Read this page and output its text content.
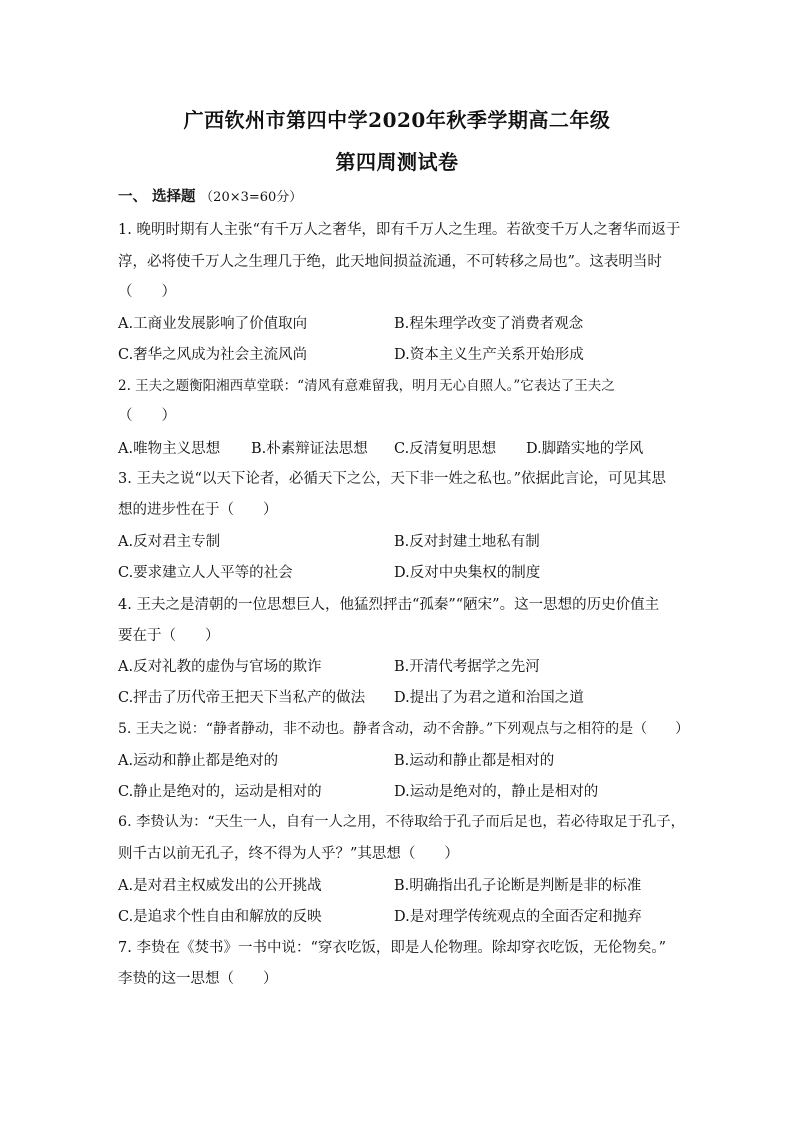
广西钦州市第四中学2020年秋季学期高二年级
第四周测试卷
一、 选择题 （20×3=60分）
1. 晚明时期有人主张“有千万人之奢华，即有千万人之生理。若欲变千万人之奢华而返于
淳，必将使千万人之生理几于绝，此天地间损益流通，不可转移之局也”。这表明当时
（　　）
A.工商业发展影响了价值取向	B.程朱理学改变了消费者观念
C.奢华之风成为社会主流风尚	D.资本主义生产关系开始形成
2. 王夫之题衡阳湘西草堂联：“清风有意难留我，明月无心自照人。”它表达了王夫之
（　　）
A.唯物主义思想 B.朴素辩证法思想 C.反清复明思想 D.脚踏实地的学风
3. 王夫之说“以天下论者，必循天下之公，天下非一姓之私也。”依据此言论，可见其思
想的进步性在于（　　）
A.反对君主专制	B.反对封建土地私有制
C.要求建立人人平等的社会	D.反对中央集权的制度
4. 王夫之是清朝的一位思想巨人，他猛烈抨击“孤秦”“陋宋”。这一思想的历史价值主
要在于（　　）
A.反对礼教的虚伪与官场的欺诈	B.开清代考据学之先河
C.抨击了历代帝王把天下当私产的做法 D.提出了为君之道和治国之道
5. 王夫之说：“静者静动，非不动也。静者含动，动不舍静。”下列观点与之相符的是（　　）
A.运动和静止都是绝对的	B.运动和静止都是相对的
C.静止是绝对的，运动是相对的	D.运动是绝对的，静止是相对的
6. 李贽认为：“天生一人，自有一人之用，不待取给于孔子而后足也，若必待取足于孔子，
则千古以前无孔子，终不得为人乎？”其思想（　　）
A.是对君主权威发出的公开挑战	B.明确指出孔子论断是判断是非的标准
C.是追求个性自由和解放的反映	D.是对理学传统观点的全面否定和抛弃
7. 李贽在《焚书》一书中说：“穿衣吃饭，即是人伦物理。除却穿衣吃饭，无伦物矣。”
李贽的这一思想（　　）
